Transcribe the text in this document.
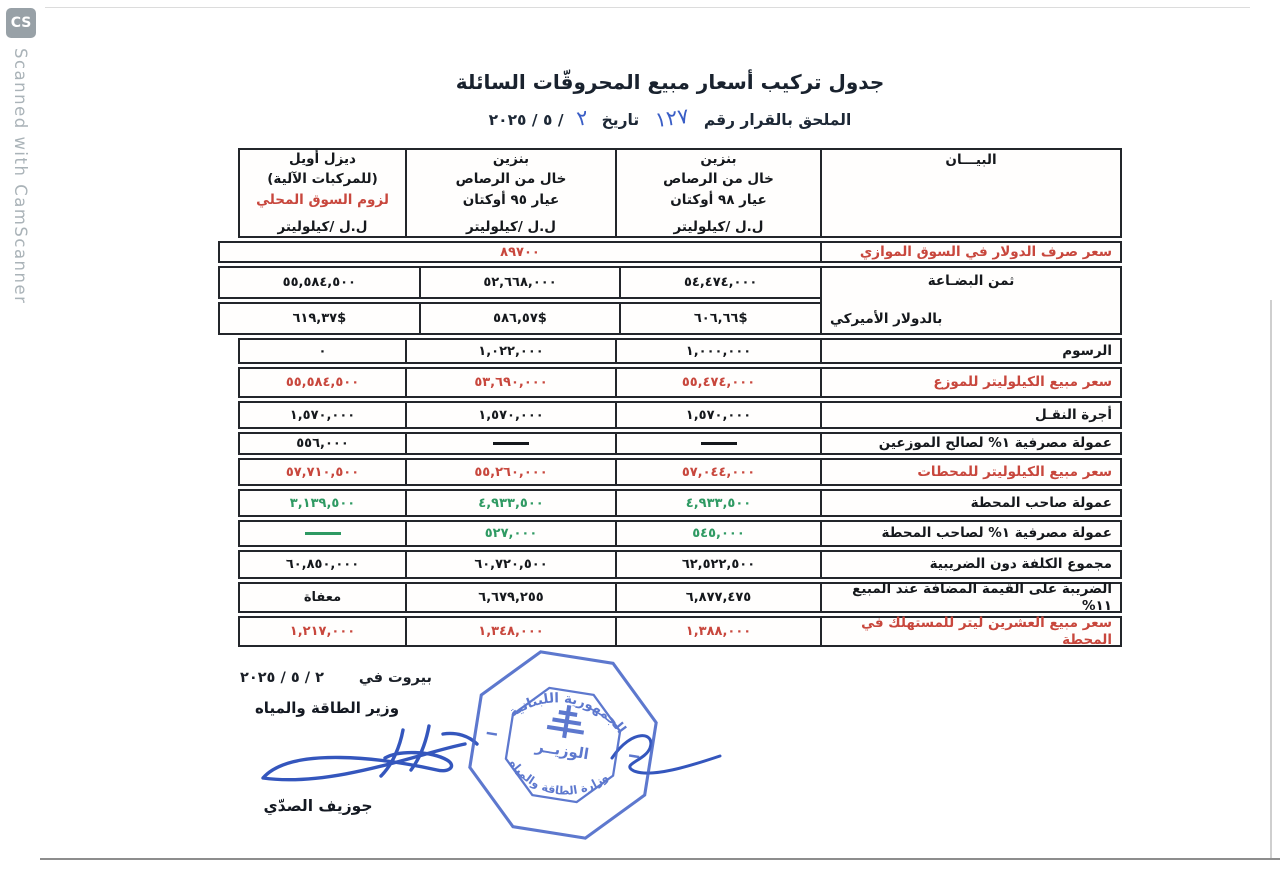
CS
Scanned with CamScanner	جدول تركيب أسعار مبيع المحروقّات السائلة
الملحق بالقرار رقم ١٢٧ تاريخ ٢ / ٥ / ٢٠٢٥
البيـــان
بنزين
خال من الرصاص
عيار ٩٨ أوكتان
ل.ل /كيلوليتر
بنزين
خال من الرصاص
عيار ٩٥ أوكتان
ل.ل /كيلوليتر
ديزل أويل
(للمركبات الآلية)
لزوم السوق المحلي
ل.ل /كيلوليتر
سعر صرف الدولار في السوق الموازي
٨٩٧٠٠
ثمن البضـاعة
بالدولار الأميركي
٥٤,٤٧٤,٠٠٠
٥٢,٦٦٨,٠٠٠
٥٥,٥٨٤,٥٠٠
٦٠٦,٦٦$
٥٨٦,٥٧$
٦١٩,٣٧$
الرسوم
١,٠٠٠,٠٠٠
١,٠٢٢,٠٠٠
٠
سعر مبيع الكيلوليتر للموزع
٥٥,٤٧٤,٠٠٠
٥٣,٦٩٠,٠٠٠
٥٥,٥٨٤,٥٠٠
أجرة النقـل
١,٥٧٠,٠٠٠
١,٥٧٠,٠٠٠
١,٥٧٠,٠٠٠
عمولة مصرفية ١% لصالح الموزعين
٥٥٦,٠٠٠
سعر مبيع الكيلوليتر للمحطات
٥٧,٠٤٤,٠٠٠
٥٥,٢٦٠,٠٠٠
٥٧,٧١٠,٥٠٠
عمولة صاحب المحطة
٤,٩٣٣,٥٠٠
٤,٩٣٣,٥٠٠
٣,١٣٩,٥٠٠
عمولة مصرفية ١% لصاحب المحطة
٥٤٥,٠٠٠
٥٢٧,٠٠٠
مجموع الكلفة دون الضريبية
٦٢,٥٢٢,٥٠٠
٦٠,٧٢٠,٥٠٠
٦٠,٨٥٠,٠٠٠
الضريبة على القيمة المضافة عند المبيع ١١%
٦,٨٧٧,٤٧٥
٦,٦٧٩,٢٥٥
معفاة
سعر مبيع العشرين ليتر للمستهلك في المحطة
١,٣٨٨,٠٠٠
١,٣٤٨,٠٠٠
١,٢١٧,٠٠٠
بيروت في
٢ / ٥ / ٢٠٢٥
وزير الطاقة والمياه
جوزيف الصدّي
الجمهورية اللبنانية
الوزيــر
وزارة الطاقة والمياه
